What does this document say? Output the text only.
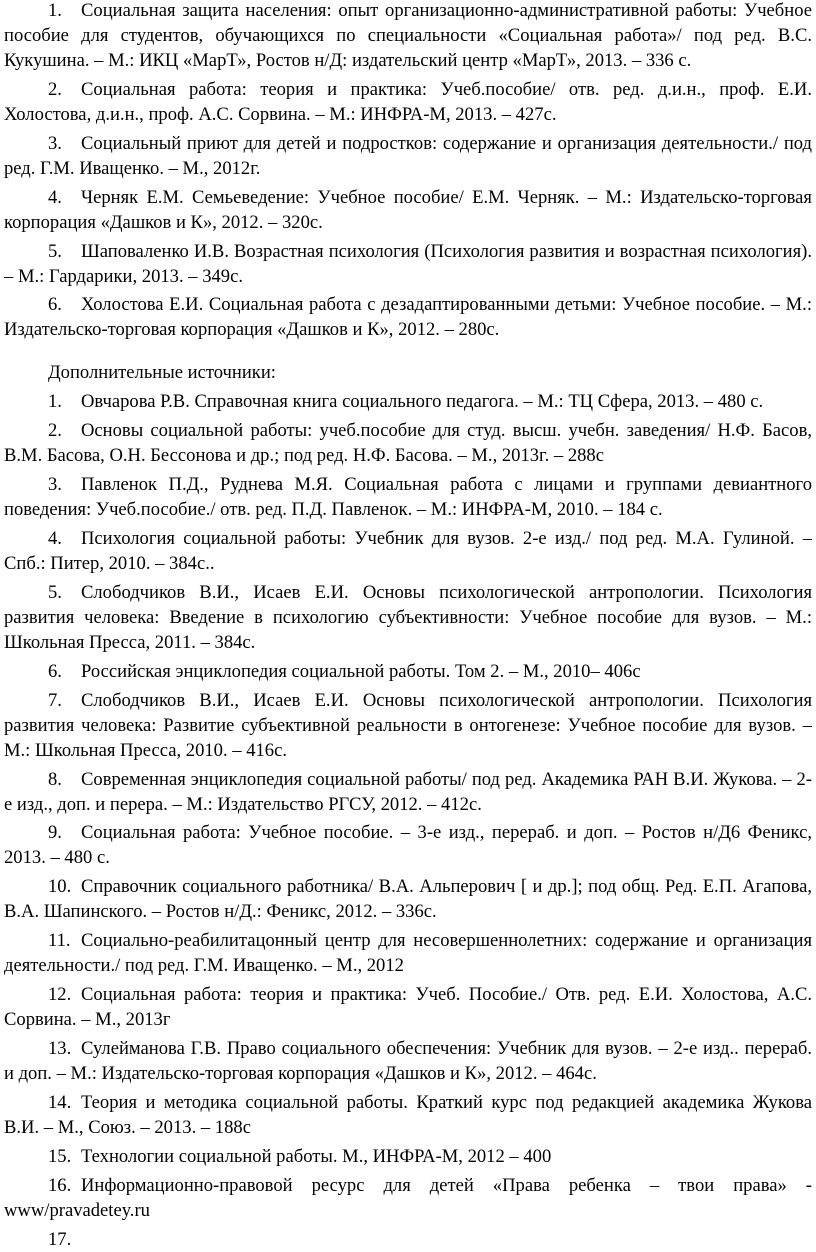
1. Социальная защита населения: опыт организационно-административной работы: Учебное пособие для студентов, обучающихся по специальности «Социальная работа»/ под ред. В.С. Кукушина. – М.: ИКЦ «МарТ», Ростов н/Д: издательский центр «МарТ», 2013. – 336 с.

2. Социальная работа: теория и практика: Учеб.пособие/ отв. ред. д.и.н., проф. Е.И. Холостова, д.и.н., проф. А.С. Сорвина. – М.: ИНФРА-М, 2013. – 427с.

3. Социальный приют для детей и подростков: содержание и организация деятельности./ под ред. Г.М. Иващенко. – М., 2012г.

4. Черняк Е.М. Семьеведение: Учебное пособие/ Е.М. Черняк. – М.: Издательско-торговая корпорация «Дашков и К», 2012. – 320с.

5. Шаповаленко И.В. Возрастная психология (Психология развития и возрастная психология). – М.: Гардарики, 2013. – 349с.

6. Холостова Е.И. Социальная работа с дезадаптированными детьми: Учебное пособие. – М.: Издательско-торговая корпорация «Дашков и К», 2012. – 280с.

Дополнительные источники:

1. Овчарова Р.В. Справочная книга социального педагога. – М.: ТЦ Сфера, 2013. – 480 с.

2. Основы социальной работы: учеб.пособие для студ. высш. учебн. заведения/ Н.Ф. Басов, В.М. Басова, О.Н. Бессонова и др.; под ред. Н.Ф. Басова. – М., 2013г. – 288с

3. Павленок П.Д., Руднева М.Я. Социальная работа с лицами и группами девиантного поведения: Учеб.пособие./ отв. ред. П.Д. Павленок. – М.: ИНФРА-М, 2010. – 184 с.

4. Психология социальной работы: Учебник для вузов. 2-е изд./ под ред. М.А. Гулиной. – Спб.: Питер, 2010. – 384с..

5. Слободчиков В.И., Исаев Е.И. Основы психологической антропологии. Психология развития человека: Введение в психологию субъективности: Учебное пособие для вузов. – М.: Школьная Пресса, 2011. – 384с.

6. Российская энциклопедия социальной работы. Том 2. – М., 2010– 406с

7. Слободчиков В.И., Исаев Е.И. Основы психологической антропологии. Психология развития человека: Развитие субъективной реальности в онтогенезе: Учебное пособие для вузов. – М.: Школьная Пресса, 2010. – 416с.

8. Современная энциклопедия социальной работы/ под ред. Академика РАН В.И. Жукова. – 2-е изд., доп. и перера. – М.: Издательство РГСУ, 2012. – 412с.

9. Социальная работа: Учебное пособие. – 3-е изд., перераб. и доп. – Ростов н/Д6 Феникс, 2013. – 480 с.

10. Справочник социального работника/ В.А. Альперович [ и др.]; под общ. Ред. Е.П. Агапова, В.А. Шапинского. – Ростов н/Д.: Феникс, 2012. – 336с.

11. Социально-реабилитацонный центр для несовершеннолетних: содержание и организация деятельности./ под ред. Г.М. Иващенко. – М., 2012

12. Социальная работа: теория и практика: Учеб. Пособие./ Отв. ред. Е.И. Холостова, А.С. Сорвина. – М., 2013г

13. Сулейманова Г.В. Право социального обеспечения: Учебник для вузов. – 2-е изд.. перераб. и доп. – М.: Издательско-торговая корпорация «Дашков и К», 2012. – 464с.

14. Теория и методика социальной работы. Краткий курс под редакцией академика Жукова В.И. – М., Союз. – 2013. – 188с

15. Технологии социальной работы. М., ИНФРА-М, 2012 – 400

16. Информационно-правовой ресурс для детей «Права ребенка – твои права» - www/pravadetey.ru

17.
